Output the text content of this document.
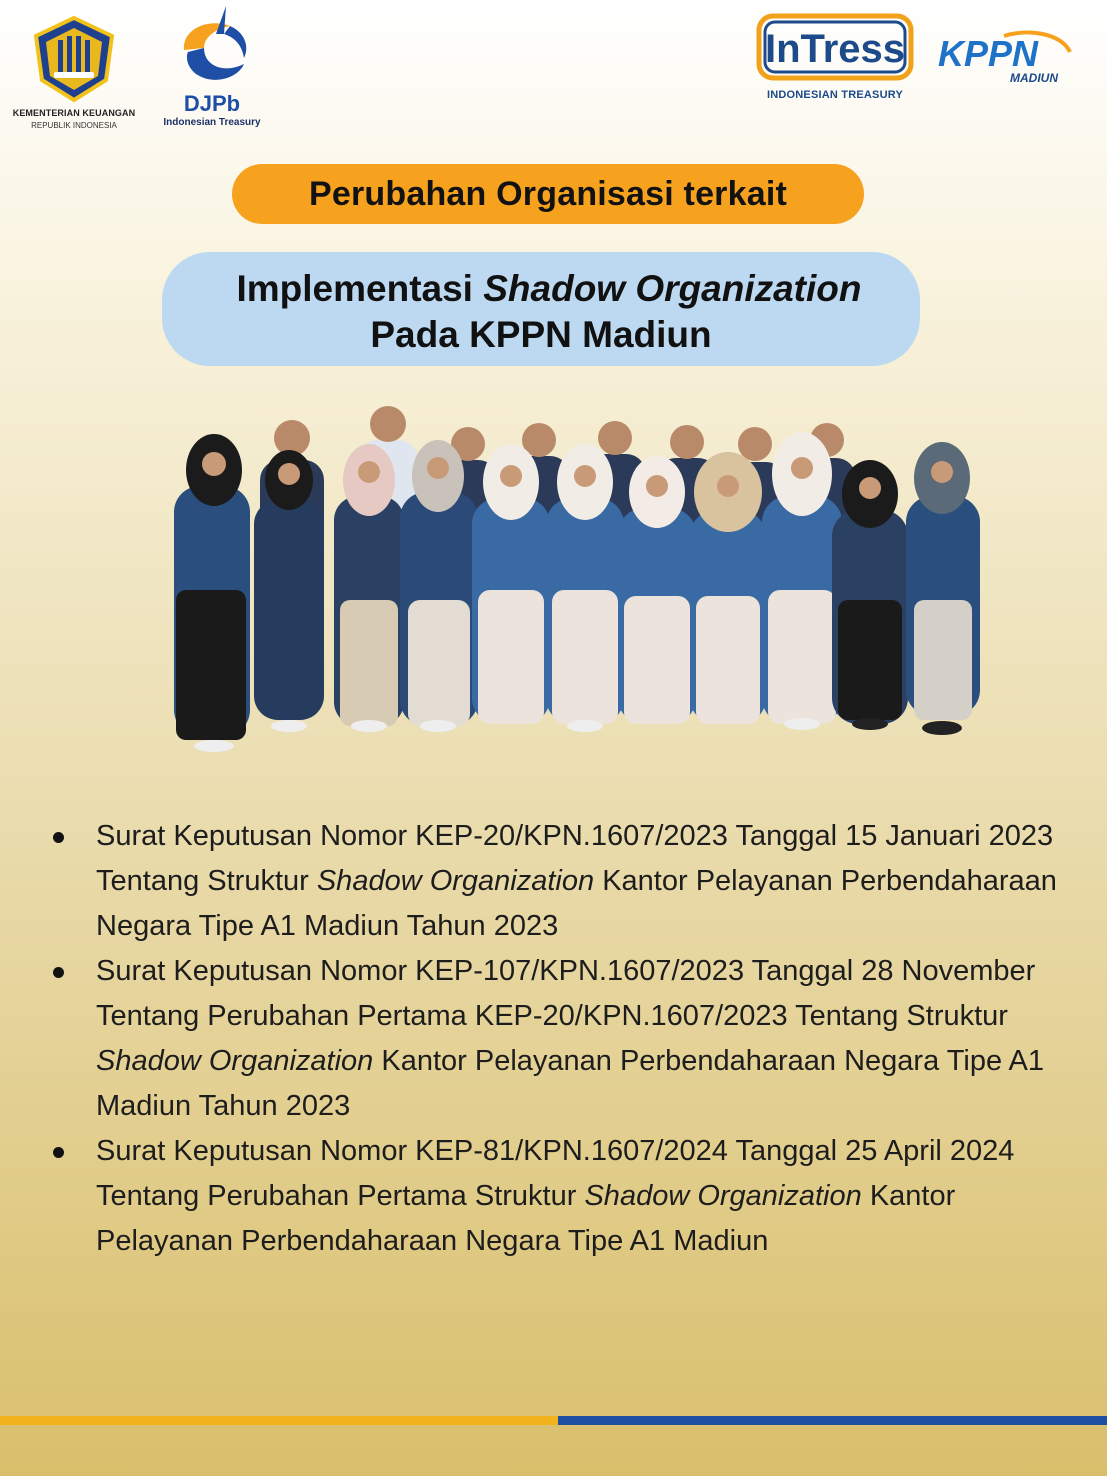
KEMENTERIAN KEUANGAN
REPUBLIK INDONESIA
DJPb
Indonesian Treasury
InTress
INDONESIAN TREASURY
KPPN
MADIUN
Perubahan Organisasi terkait
Implementasi Shadow Organization
Pada KPPN Madiun
Surat Keputusan Nomor KEP-20/KPN.1607/2023 Tanggal 15 Januari 2023 Tentang Struktur Shadow Organization Kantor Pelayanan Perbendaharaan Negara Tipe A1 Madiun Tahun 2023
Surat Keputusan Nomor KEP-107/KPN.1607/2023 Tanggal 28 November Tentang Perubahan Pertama KEP-20/KPN.1607/2023 Tentang Struktur Shadow Organization Kantor Pelayanan Perbendaharaan Negara Tipe A1 Madiun Tahun 2023
Surat Keputusan Nomor KEP-81/KPN.1607/2024 Tanggal 25 April 2024 Tentang Perubahan Pertama Struktur Shadow Organization Kantor Pelayanan Perbendaharaan Negara Tipe A1 Madiun
